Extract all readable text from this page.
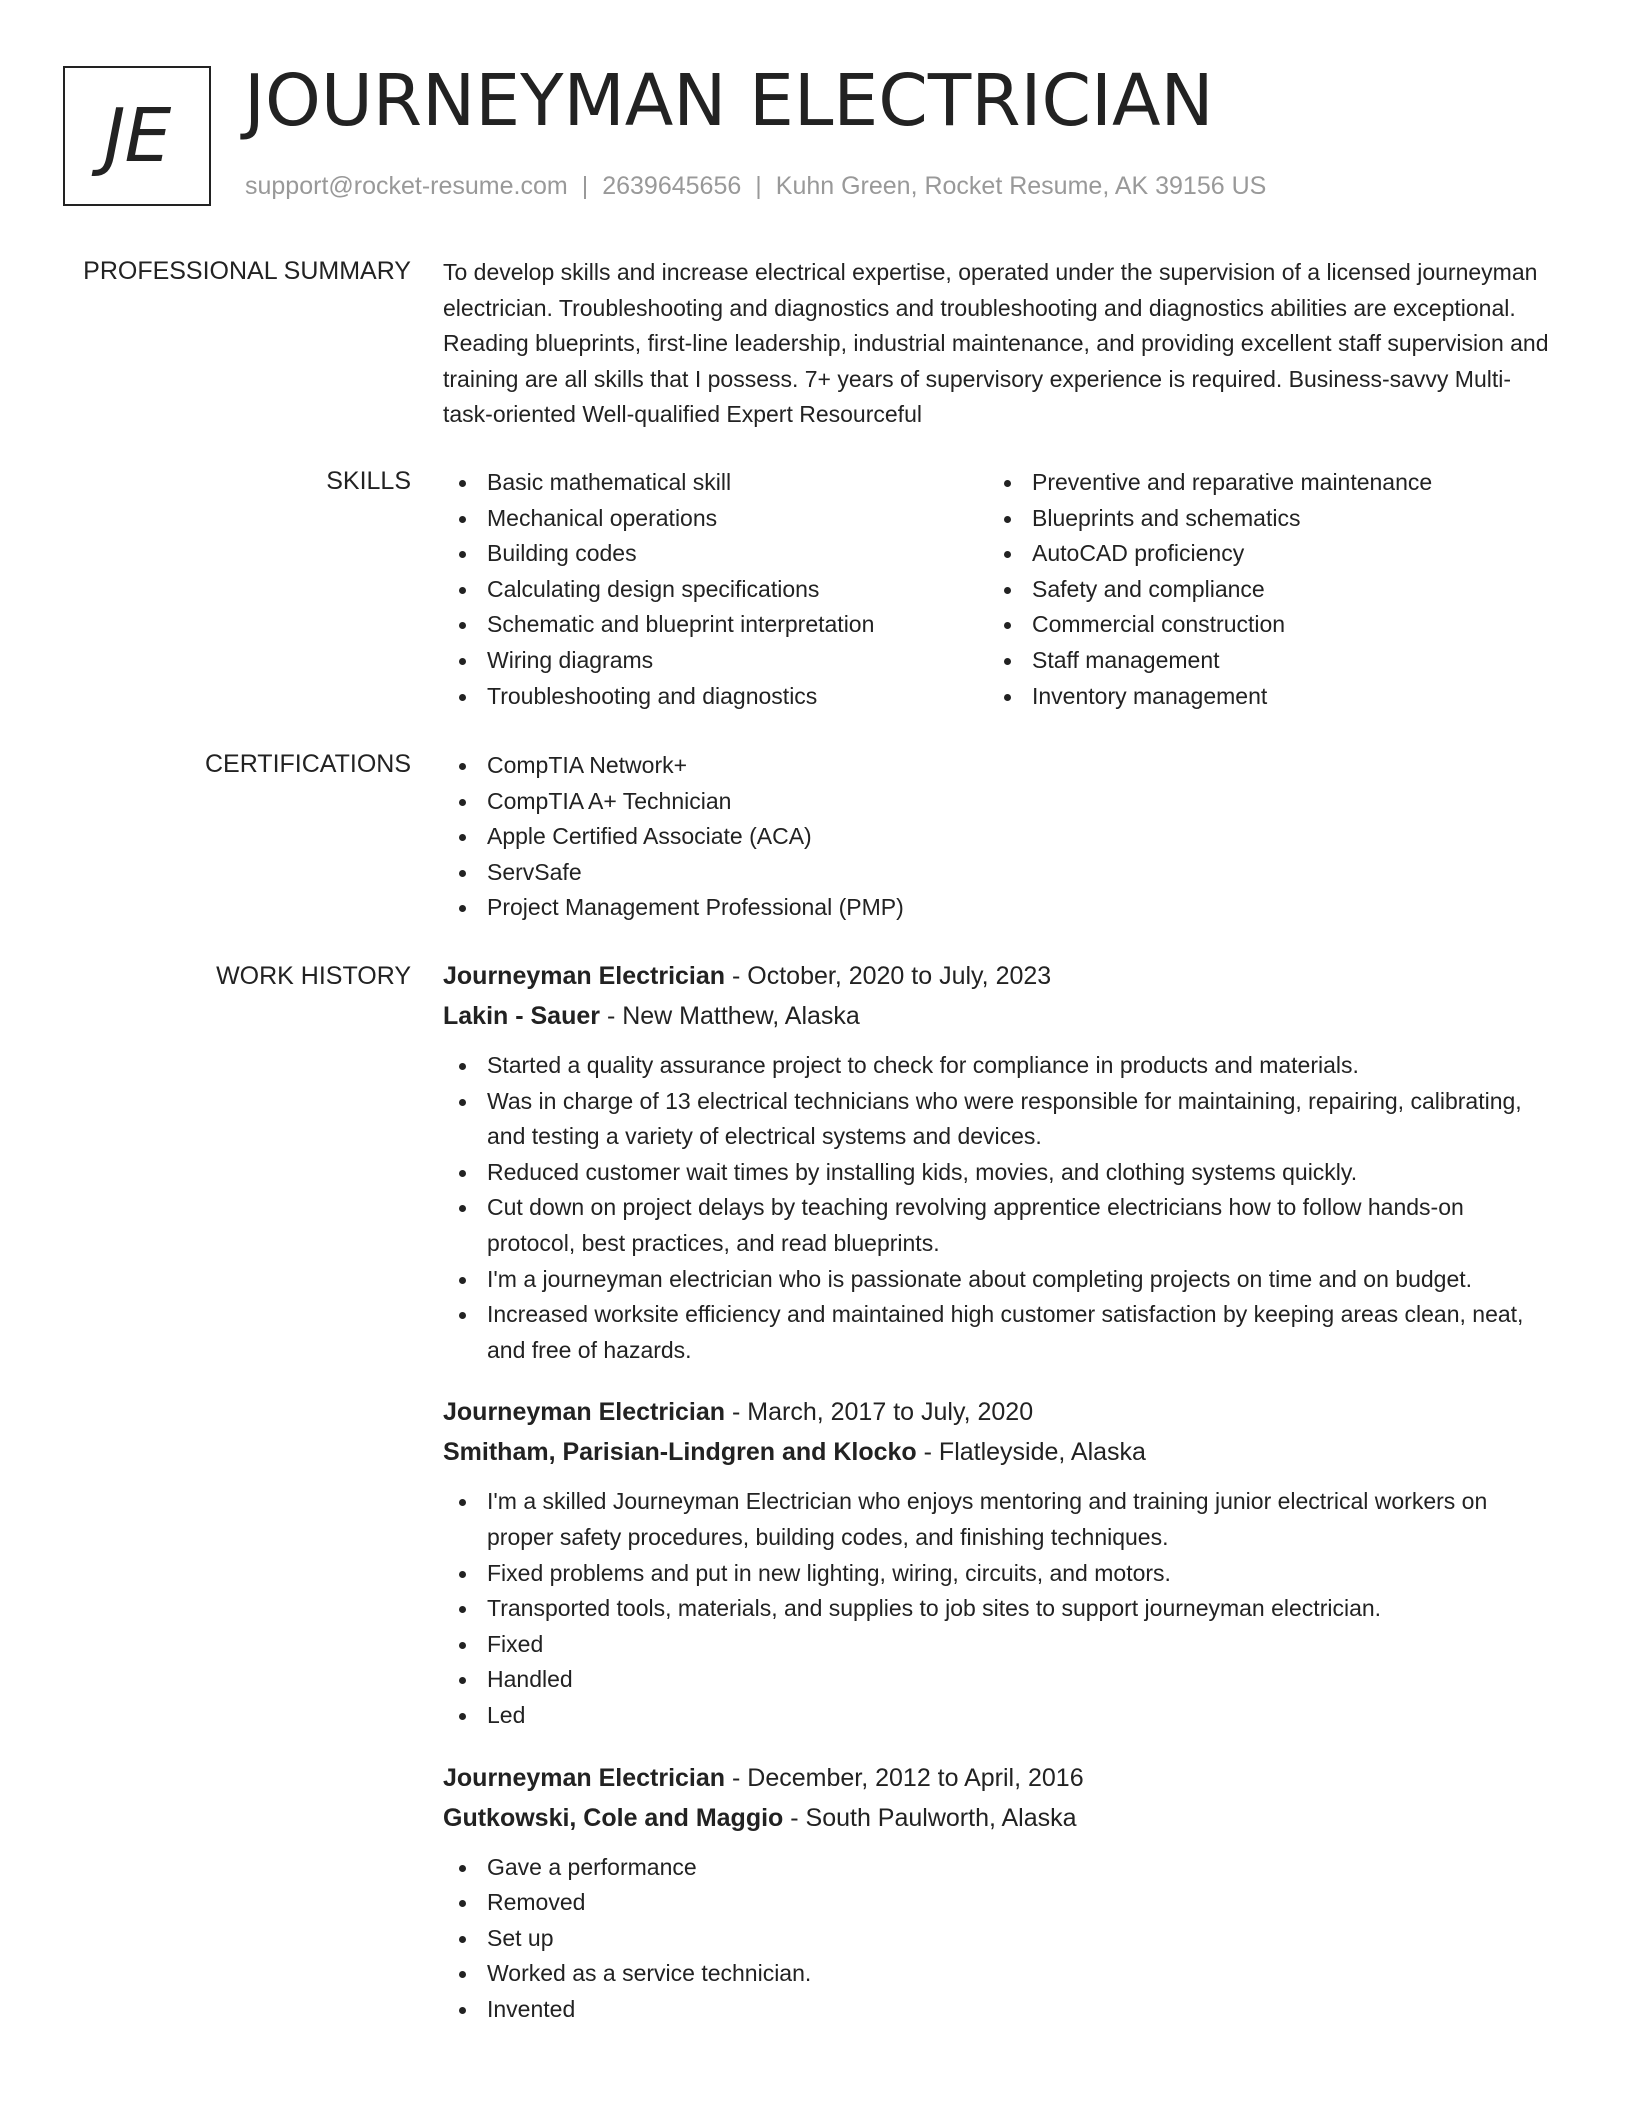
JE JOURNEYMAN ELECTRICIAN
support@rocket-resume.com | 2639645656 | Kuhn Green, Rocket Resume, AK 39156 US
PROFESSIONAL SUMMARY To develop skills and increase electrical expertise, operated under the supervision of a licensed journeyman electrician. Troubleshooting and diagnostics and troubleshooting and diagnostics abilities are exceptional. Reading blueprints, first-line leadership, industrial maintenance, and providing excellent staff supervision and training are all skills that I possess. 7+ years of supervisory experience is required. Business-savvy Multi-task-oriented Well-qualified Expert Resourceful

SKILLS	Basic mathematical skill
Mechanical operations
Building codes
Calculating design specifications
Schematic and blueprint interpretation
Wiring diagrams
Troubleshooting and diagnostics
Preventive and reparative maintenance
Blueprints and schematics
AutoCAD proficiency
Safety and compliance
Commercial construction
Staff management
Inventory management
CERTIFICATIONS	CompTIA Network+
CompTIA A+ Technician
Apple Certified Associate (ACA)
ServSafe
Project Management Professional (PMP)
WORK HISTORY Journeyman Electrician - October, 2020 to July, 2023
Lakin - Sauer - New Matthew, Alaska
Started a quality assurance project to check for compliance in products and materials.
Was in charge of 13 electrical technicians who were responsible for maintaining, repairing, calibrating, and testing a variety of electrical systems and devices.
Reduced customer wait times by installing kids, movies, and clothing systems quickly.
Cut down on project delays by teaching revolving apprentice electricians how to follow hands-on protocol, best practices, and read blueprints.
I'm a journeyman electrician who is passionate about completing projects on time and on budget.
Increased worksite efficiency and maintained high customer satisfaction by keeping areas clean, neat, and free of hazards.
Journeyman Electrician - March, 2017 to July, 2020
Smitham, Parisian-Lindgren and Klocko - Flatleyside, Alaska
I'm a skilled Journeyman Electrician who enjoys mentoring and training junior electrical workers on proper safety procedures, building codes, and finishing techniques.
Fixed problems and put in new lighting, wiring, circuits, and motors.
Transported tools, materials, and supplies to job sites to support journeyman electrician.
Fixed
Handled
Led
Journeyman Electrician - December, 2012 to April, 2016
Gutkowski, Cole and Maggio - South Paulworth, Alaska
Gave a performance
Removed
Set up
Worked as a service technician.
Invented
